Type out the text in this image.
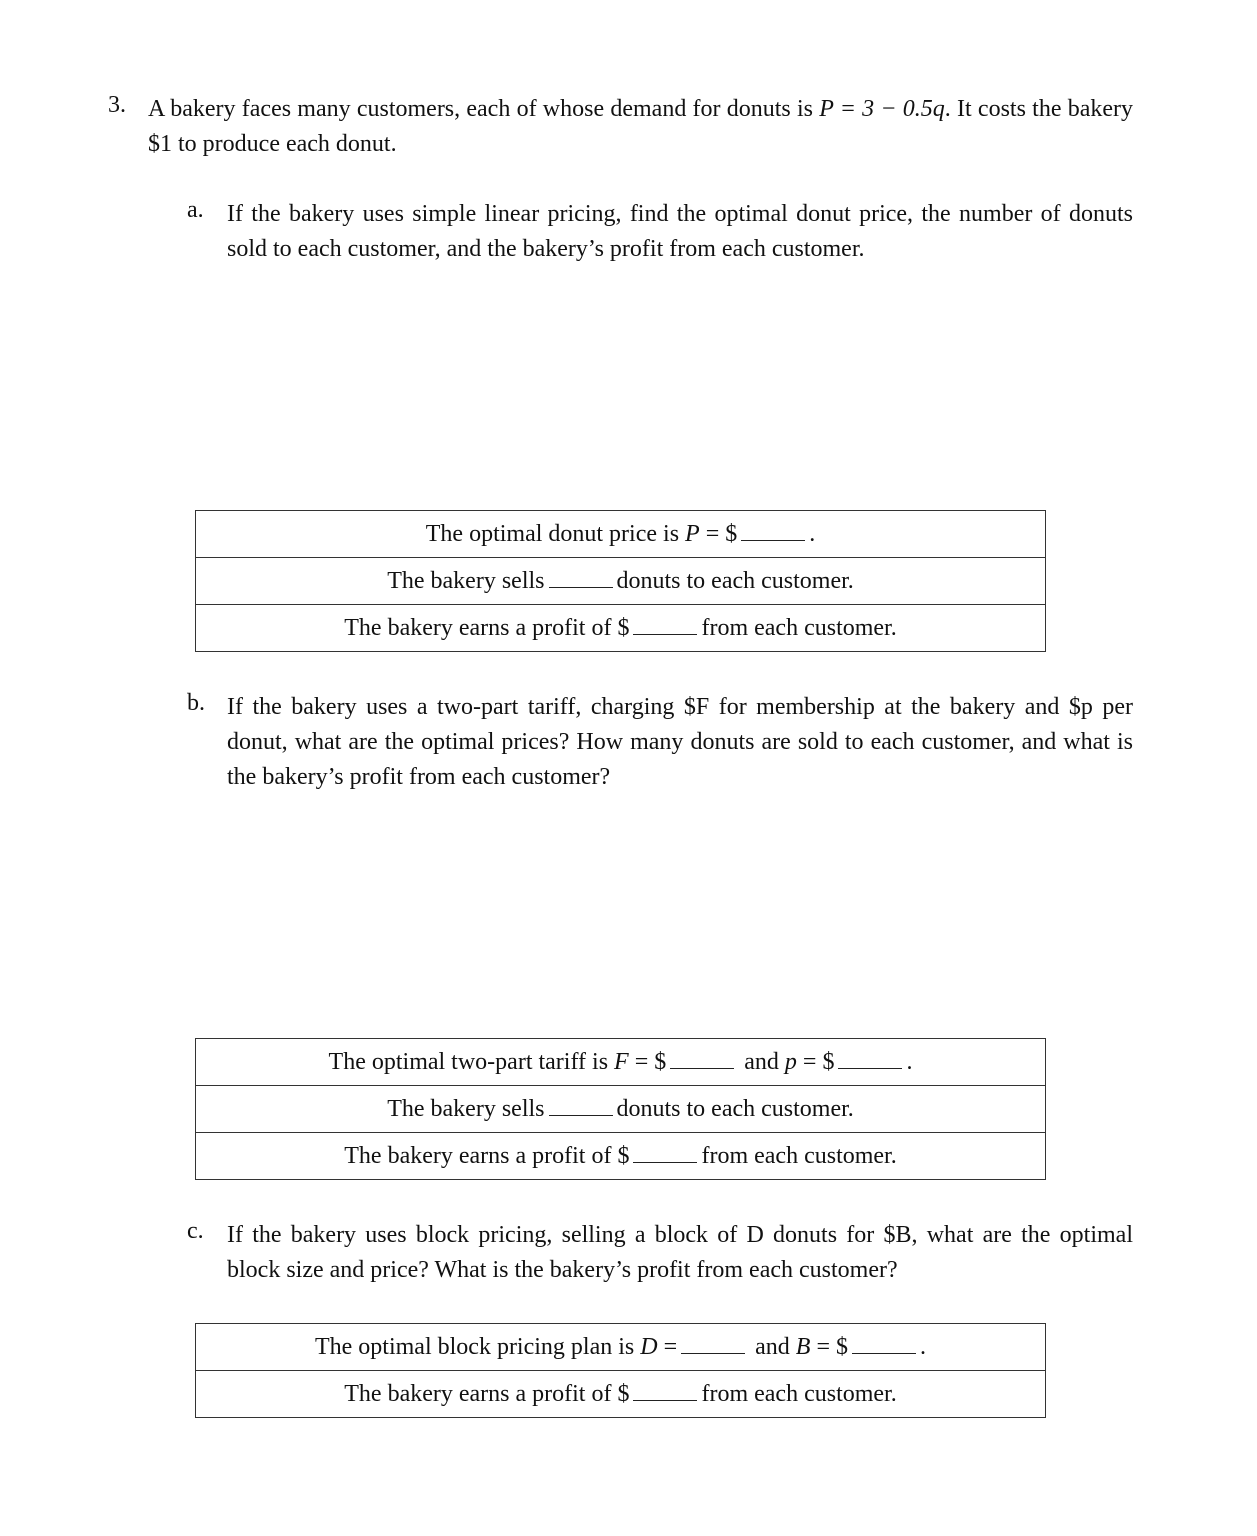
3. A bakery faces many customers, each of whose demand for donuts is P = 3 − 0.5q. It costs the bakery $1 to produce each donut.
a. If the bakery uses simple linear pricing, find the optimal donut price, the number of donuts sold to each customer, and the bakery’s profit from each customer.
The optimal donut price is P = $	.
The bakery sells	donuts to each customer.
The bakery earns a profit of $	from each customer.
b. If the bakery uses a two-part tariff, charging $F for membership at the bakery and $p per donut, what are the optimal prices? How many donuts are sold to each customer, and what is the bakery’s profit from each customer?
The optimal two-part tariff is F = $	and p = $	.
The bakery sells	donuts to each customer.
The bakery earns a profit of $	from each customer.
c. If the bakery uses block pricing, selling a block of D donuts for $B, what are the optimal block size and price? What is the bakery’s profit from each customer?
The optimal block pricing plan is D =	and B = $	.
The bakery earns a profit of $	from each customer.
